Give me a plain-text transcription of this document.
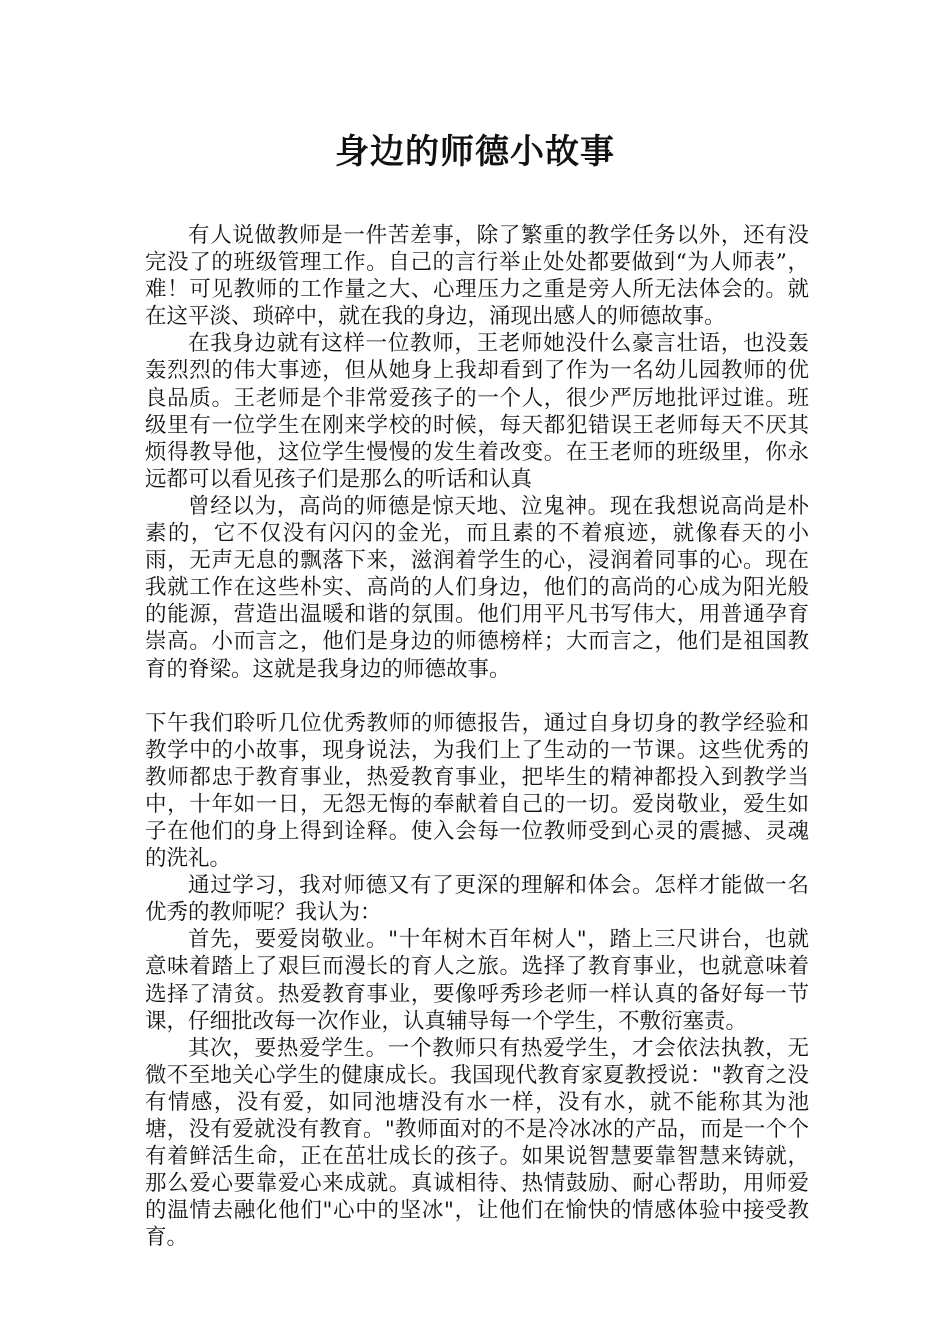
身边的师德小故事

有人说做教师是一件苦差事，除了繁重的教学任务以外，还有没完没了的班级管理工作。自己的言行举止处处都要做到“为人师表”，难！可见教师的工作量之大、心理压力之重是旁人所无法体会的。就在这平淡、琐碎中，就在我的身边，涌现出感人的师德故事。

在我身边就有这样一位教师，王老师她没什么豪言壮语，也没轰轰烈烈的伟大事迹，但从她身上我却看到了作为一名幼儿园教师的优良品质。王老师是个非常爱孩子的一个人，很少严厉地批评过谁。班级里有一位学生在刚来学校的时候，每天都犯错误王老师每天不厌其烦得教导他，这位学生慢慢的发生着改变。在王老师的班级里，你永远都可以看见孩子们是那么的听话和认真

曾经以为，高尚的师德是惊天地、泣鬼神。现在我想说高尚是朴素的，它不仅没有闪闪的金光，而且素的不着痕迹，就像春天的小雨，无声无息的飘落下来，滋润着学生的心，浸润着同事的心。现在我就工作在这些朴实、高尚的人们身边，他们的高尚的心成为阳光般的能源，营造出温暖和谐的氛围。他们用平凡书写伟大，用普通孕育崇高。小而言之，他们是身边的师德榜样；大而言之，他们是祖国教育的脊梁。这就是我身边的师德故事。

下午我们聆听几位优秀教师的师德报告，通过自身切身的教学经验和教学中的小故事，现身说法，为我们上了生动的一节课。这些优秀的教师都忠于教育事业，热爱教育事业，把毕生的精神都投入到教学当中，十年如一日，无怨无悔的奉献着自己的一切。爱岗敬业，爱生如子在他们的身上得到诠释。使入会每一位教师受到心灵的震撼、灵魂的洗礼。

通过学习，我对师德又有了更深的理解和体会。怎样才能做一名优秀的教师呢？我认为：

首先，要爱岗敬业。"十年树木百年树人"，踏上三尺讲台，也就意味着踏上了艰巨而漫长的育人之旅。选择了教育事业，也就意味着选择了清贫。热爱教育事业，要像呼秀珍老师一样认真的备好每一节课，仔细批改每一次作业，认真辅导每一个学生，不敷衍塞责。

其次，要热爱学生。一个教师只有热爱学生，才会依法执教，无微不至地关心学生的健康成长。我国现代教育家夏教授说："教育之没有情感，没有爱，如同池塘没有水一样，没有水，就不能称其为池塘，没有爱就没有教育。"教师面对的不是冷冰冰的产品，而是一个个有着鲜活生命，正在茁壮成长的孩子。如果说智慧要靠智慧来铸就，那么爱心要靠爱心来成就。真诚相待、热情鼓励、耐心帮助，用师爱的温情去融化他们"心中的坚冰"，让他们在愉快的情感体验中接受教育。
